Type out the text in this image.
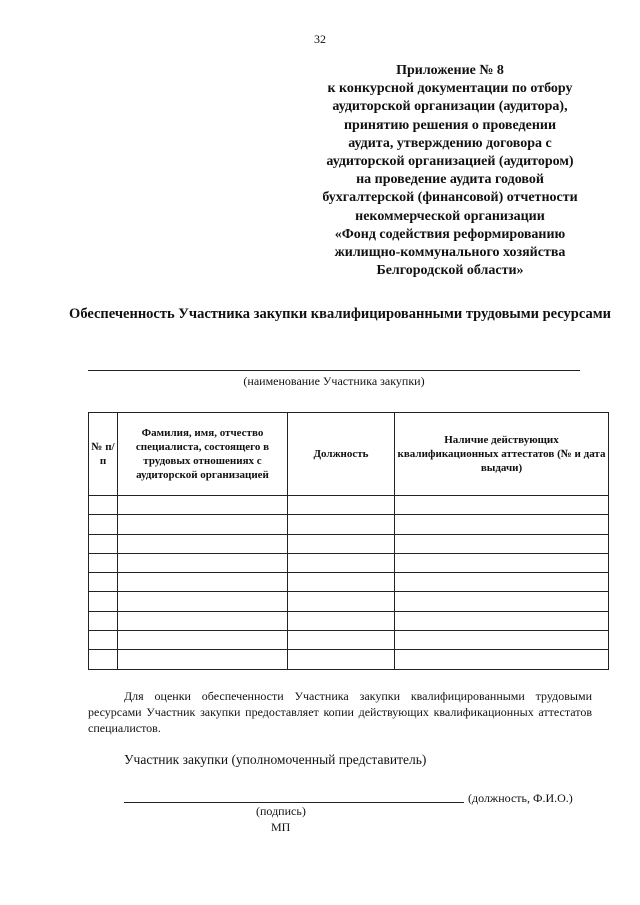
32
Приложение № 8
к конкурсной документации по отбору
аудиторской организации (аудитора),
принятию решения о проведении
аудита, утверждению договора с
аудиторской организацией (аудитором)
на проведение аудита годовой
бухгалтерской (финансовой) отчетности
некоммерческой организации
«Фонд содействия реформированию
жилищно-коммунального хозяйства
Белгородской области»
Обеспеченность Участника закупки квалифицированными трудовыми ресурсами
(наименование Участника закупки)
№ п/п	Фамилия, имя, отчество специалиста, состоящего в трудовых отношениях с аудиторской организацией	Должность	Наличие действующих квалификационных аттестатов (№ и дата выдачи)

Для оценки обеспеченности Участника закупки квалифицированными трудовыми ресурсами Участник закупки предоставляет копии действующих квалификационных аттестатов специалистов.
Участник закупки (уполномоченный представитель)
(должность, Ф.И.О.)
(подпись)
МП
